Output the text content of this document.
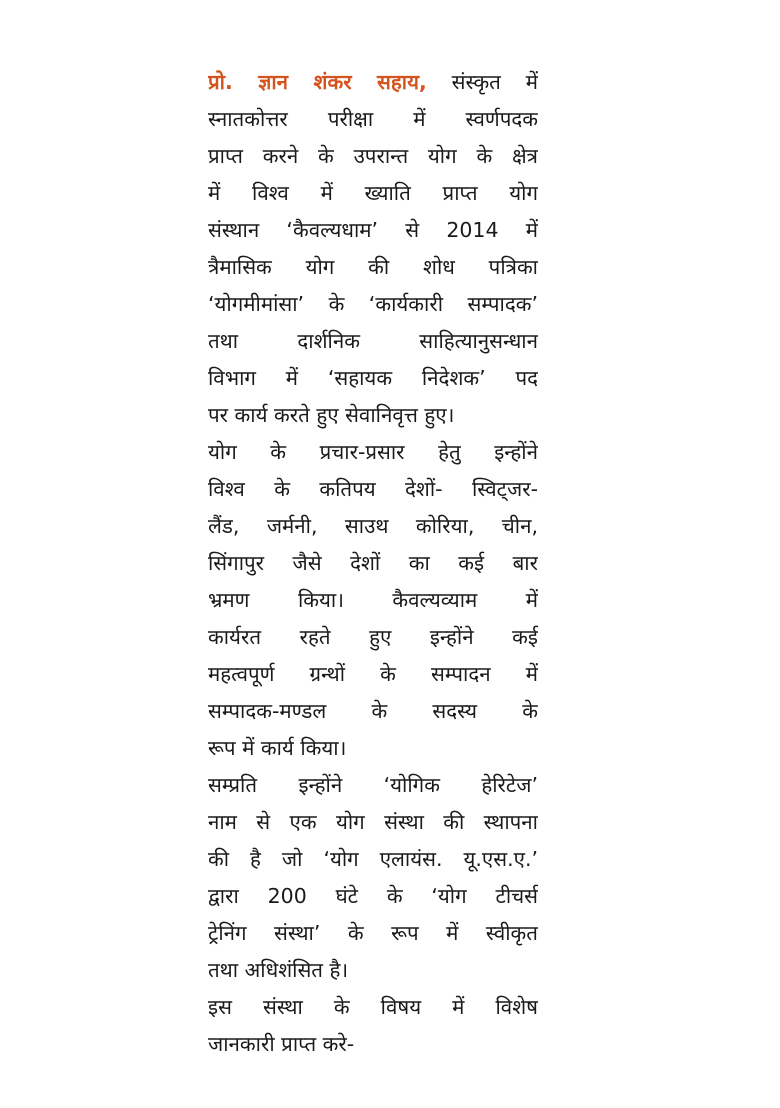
प्रो. ज्ञान शंकर सहाय, संस्कृत में
स्नातकोत्तर परीक्षा में स्वर्णपदक
प्राप्त करने के उपरान्त योग के क्षेत्र
में विश्व में ख्याति प्राप्त योग
संस्थान ‘कैवल्यधाम’ से 2014 में
त्रैमासिक योग की शोध पत्रिका
‘योगमीमांसा’ के ‘कार्यकारी सम्पादक’
तथा दार्शनिक साहित्यानुसन्धान
विभाग में ‘सहायक निदेशक’ पद
पर कार्य करते हुए सेवानिवृत्त हुए।
योग के प्रचार-प्रसार हेतु इन्होंने
विश्व के कतिपय देशों- स्विट्जर-
लैंड, जर्मनी, साउथ कोरिया, चीन,
सिंगापुर जैसे देशों का कई बार
भ्रमण किया। कैवल्यव्याम में
कार्यरत रहते हुए इन्होंने कई
महत्वपूर्ण ग्रन्थों के सम्पादन में
सम्पादक-मण्डल के सदस्य के
रूप में कार्य किया।
सम्प्रति इन्होंने ‘योगिक हेरिटेज’
नाम से एक योग संस्था की स्थापना
की है जो ‘योग एलायंस. यू.एस.ए.’
द्वारा 200 घंटे के ‘योग टीचर्स
ट्रेनिंग संस्था’ के रूप में स्वीकृत
तथा अधिशंसित है।
इस संस्था के विषय में विशेष
जानकारी प्राप्त करे-
